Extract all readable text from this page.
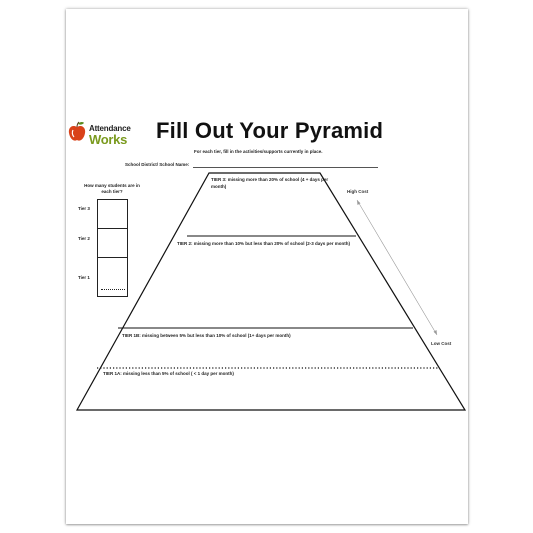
Attendance
Works Fill Out Your Pyramid
For each tier, fill in the activities/supports currently in place.
School District/ School Name:
How many students are in each tier?
Tier 3
Tier 2
Tier 1
TIER 3: missing more than 20% of school (4 + days per month)
TIER 2: missing more than 10% but less than 20% of school (2-3 days per month)
TIER 1B: missing between 5% but less than 10% of school (1+ days per month)
TIER 1A: missing less than 5% of school ( < 1 day per month)
High Cost
Low Cost
